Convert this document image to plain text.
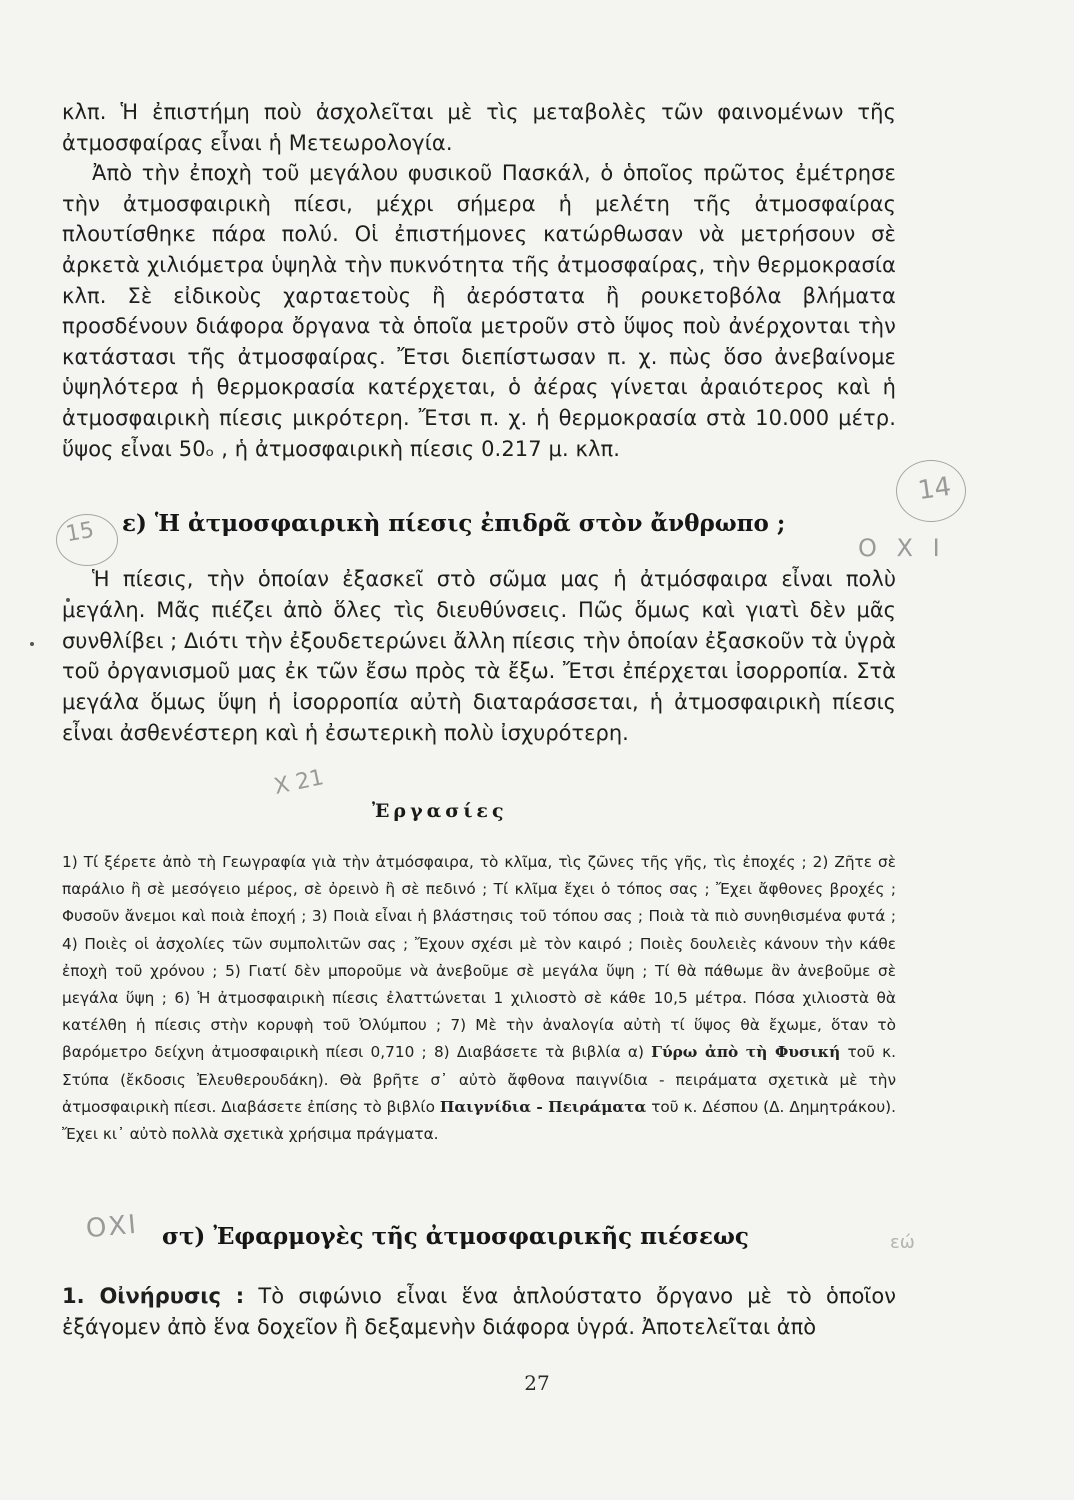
κλπ. Ἡ ἐπιστήμη ποὺ ἀσχολεῖται μὲ τὶς μεταβολὲς τῶν φαινομένων τῆς ἀτμοσφαίρας εἶναι ἡ Μετεωρολογία.

Ἀπὸ τὴν ἐποχὴ τοῦ μεγάλου φυσικοῦ Πασκάλ, ὁ ὁποῖος πρῶτος ἐμέτρησε τὴν ἀτμοσφαιρικὴ πίεσι, μέχρι σήμερα ἡ μελέτη τῆς ἀτμοσφαίρας πλουτίσθηκε πάρα πολύ. Οἱ ἐπιστήμονες κατώρθωσαν νὰ μετρήσουν σὲ ἀρκετὰ χιλιόμετρα ὑψηλὰ τὴν πυκνότητα τῆς ἀτμοσφαίρας, τὴν θερμοκρασία κλπ. Σὲ εἰδικοὺς χαρταετοὺς ἢ ἀερόστατα ἢ ρουκετοβόλα βλήματα προσδένουν διάφορα ὄργανα τὰ ὁποῖα μετροῦν στὸ ὕψος ποὺ ἀνέρχονται τὴν κατάστασι τῆς ἀτμοσφαίρας. Ἔτσι διεπίστωσαν π. χ. πὼς ὅσο ἀνεβαίνομε ὑψηλότερα ἡ θερμοκρασία κατέρχεται, ὁ ἀέρας γίνεται ἀραιότερος καὶ ἡ ἀτμοσφαιρικὴ πίεσις μικρότερη. Ἔτσι π. χ. ἡ θερμοκρασία στὰ 10.000 μέτρ. ὕψος εἶναι 50ₒ , ἡ ἀτμοσφαιρικὴ πίεσις 0.217 μ. κλπ.

14
15 ε) Ἡ ἀτμοσφαιρικὴ πίεσις ἐπιδρᾶ στὸν ἄνθρωπο ;
Ο Χ Ι

Ἡ πίεσις, τὴν ὁποίαν ἐξασκεῖ στὸ σῶμα μας ἡ ἀτμόσφαιρα εἶναι πολὺ μεγάλη. Μᾶς πιέζει ἀπὸ ὅλες τὶς διευθύνσεις. Πῶς ὅμως καὶ γιατὶ δὲν μᾶς συνθλίβει ; Διότι τὴν ἐξουδετερώνει ἄλλη πίεσις τὴν ὁποίαν ἐξασκοῦν τὰ ὑγρὰ τοῦ ὀργανισμοῦ μας ἐκ τῶν ἔσω πρὸς τὰ ἔξω. Ἔτσι ἐπέρχεται ἰσορροπία. Στὰ μεγάλα ὅμως ὕψη ἡ ἰσορροπία αὐτὴ διαταράσσεται, ἡ ἀτμοσφαιρικὴ πίεσις εἶναι ἀσθενέστερη καὶ ἡ ἐσωτερικὴ πολὺ ἰσχυρότερη.

Χ 21
Ἐργασίες

1) Τί ξέρετε ἀπὸ τὴ Γεωγραφία γιὰ τὴν ἀτμόσφαιρα, τὸ κλῖμα, τὶς ζῶνες τῆς γῆς, τὶς ἐποχές ; 2) Ζῆτε σὲ παράλιο ἢ σὲ μεσόγειο μέρος, σὲ ὀρεινὸ ἢ σὲ πεδινό ; Τί κλῖμα ἔχει ὁ τόπος σας ; Ἔχει ἄφθονες βροχές ; Φυσοῦν ἄνεμοι καὶ ποιὰ ἐποχή ; 3) Ποιὰ εἶναι ἡ βλάστησις τοῦ τόπου σας ; Ποιὰ τὰ πιὸ συνηθισμένα φυτά ; 4) Ποιὲς οἱ ἀσχολίες τῶν συμπολιτῶν σας ; Ἔχουν σχέσι μὲ τὸν καιρό ; Ποιὲς δουλειὲς κάνουν τὴν κάθε ἐποχὴ τοῦ χρόνου ; 5) Γιατί δὲν μποροῦμε νὰ ἀνεβοῦμε σὲ μεγάλα ὕψη ; Τί θὰ πάθωμε ἂν ἀνεβοῦμε σὲ μεγάλα ὕψη ; 6) Ἡ ἀτμοσφαιρικὴ πίεσις ἐλαττώνεται 1 χιλιοστὸ σὲ κάθε 10,5 μέτρα. Πόσα χιλιοστὰ θὰ κατέλθη ἡ πίεσις στὴν κορυφὴ τοῦ Ὀλύμπου ; 7) Μὲ τὴν ἀναλογία αὐτὴ τί ὕψος θὰ ἔχωμε, ὅταν τὸ βαρόμετρο δείχνη ἀτμοσφαιρικὴ πίεσι 0,710 ; 8) Διαβάσετε τὰ βιβλία α) Γύρω ἀπὸ τὴ Φυσική τοῦ κ. Στύπα (ἔκδοσις Ἐλευθερουδάκη). Θὰ βρῆτε σ᾽ αὐτὸ ἄφθονα παιγνίδια - πειράματα σχετικὰ μὲ τὴν ἀτμοσφαιρικὴ πίεσι. Διαβάσετε ἐπίσης τὸ βιβλίο Παιγνίδια - Πειράματα τοῦ κ. Δέσπου (Δ. Δημητράκου). Ἔχει κι᾽ αὐτὸ πολλὰ σχετικὰ χρήσιμα πράγματα.

ΟΧΙ στ) Ἐφαρμογὲς τῆς ἀτμοσφαιρικῆς πιέσεως	εώ

1. Οἰνήρυσις : Τὸ σιφώνιο εἶναι ἕνα ἁπλούστατο ὄργανο μὲ τὸ ὁποῖον ἐξάγομεν ἀπὸ ἕνα δοχεῖον ἢ δεξαμενὴν διάφορα ὑγρά. Ἀποτελεῖται ἀπὸ

27
